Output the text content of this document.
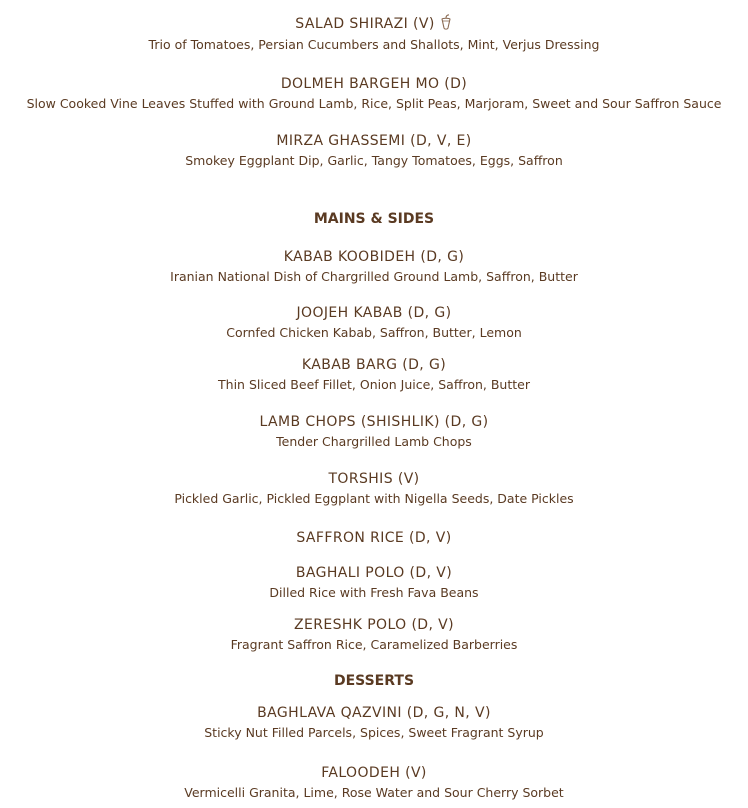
SALAD SHIRAZI (V)
Trio of Tomatoes, Persian Cucumbers and Shallots, Mint, Verjus Dressing
DOLMEH BARGEH MO (D)
Slow Cooked Vine Leaves Stuffed with Ground Lamb, Rice, Split Peas, Marjoram, Sweet and Sour Saffron Sauce
MIRZA GHASSEMI (D, V, E)
Smokey Eggplant Dip, Garlic, Tangy Tomatoes, Eggs, Saffron
MAINS & SIDES
KABAB KOOBIDEH (D, G)
Iranian National Dish of Chargrilled Ground Lamb, Saffron, Butter
JOOJEH KABAB (D, G)
Cornfed Chicken Kabab, Saffron, Butter, Lemon
KABAB BARG (D, G)
Thin Sliced Beef Fillet, Onion Juice, Saffron, Butter
LAMB CHOPS (SHISHLIK) (D, G)
Tender Chargrilled Lamb Chops
TORSHIS (V)
Pickled Garlic, Pickled Eggplant with Nigella Seeds, Date Pickles
SAFFRON RICE (D, V)
BAGHALI POLO (D, V)
Dilled Rice with Fresh Fava Beans
ZERESHK POLO (D, V)
Fragrant Saffron Rice, Caramelized Barberries
DESSERTS
BAGHLAVA QAZVINI (D, G, N, V)
Sticky Nut Filled Parcels, Spices, Sweet Fragrant Syrup
FALOODEH (V)
Vermicelli Granita, Lime, Rose Water and Sour Cherry Sorbet
